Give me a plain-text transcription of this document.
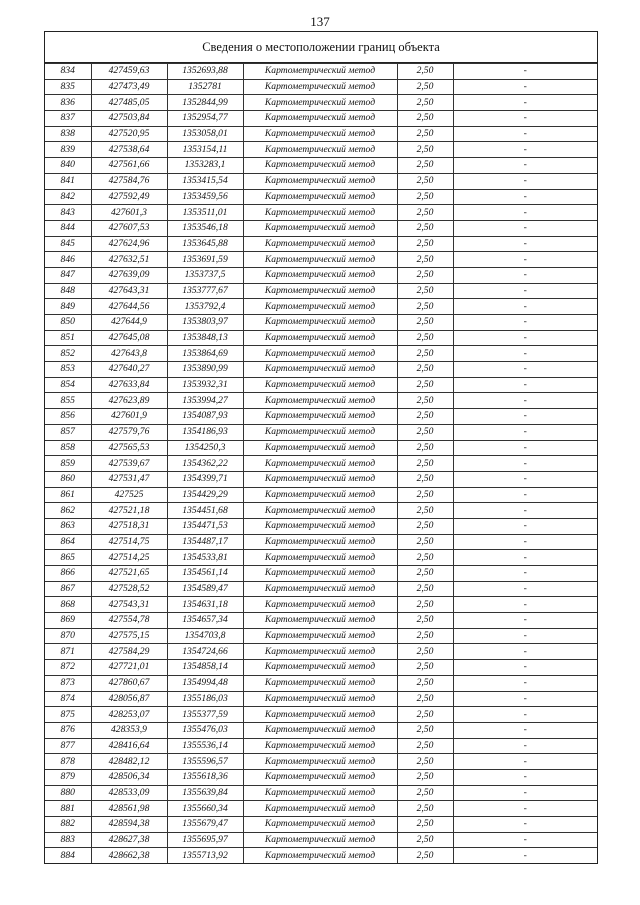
137
Сведения о местоположении границ объекта
834	427459,63	1352693,88	Картометрический метод	2,50	-
835	427473,49	1352781	Картометрический метод	2,50	-
836	427485,05	1352844,99	Картометрический метод	2,50	-
837	427503,84	1352954,77	Картометрический метод	2,50	-
838	427520,95	1353058,01	Картометрический метод	2,50	-
839	427538,64	1353154,11	Картометрический метод	2,50	-
840	427561,66	1353283,1	Картометрический метод	2,50	-
841	427584,76	1353415,54	Картометрический метод	2,50	-
842	427592,49	1353459,56	Картометрический метод	2,50	-
843	427601,3	1353511,01	Картометрический метод	2,50	-
844	427607,53	1353546,18	Картометрический метод	2,50	-
845	427624,96	1353645,88	Картометрический метод	2,50	-
846	427632,51	1353691,59	Картометрический метод	2,50	-
847	427639,09	1353737,5	Картометрический метод	2,50	-
848	427643,31	1353777,67	Картометрический метод	2,50	-
849	427644,56	1353792,4	Картометрический метод	2,50	-
850	427644,9	1353803,97	Картометрический метод	2,50	-
851	427645,08	1353848,13	Картометрический метод	2,50	-
852	427643,8	1353864,69	Картометрический метод	2,50	-
853	427640,27	1353890,99	Картометрический метод	2,50	-
854	427633,84	1353932,31	Картометрический метод	2,50	-
855	427623,89	1353994,27	Картометрический метод	2,50	-
856	427601,9	1354087,93	Картометрический метод	2,50	-
857	427579,76	1354186,93	Картометрический метод	2,50	-
858	427565,53	1354250,3	Картометрический метод	2,50	-
859	427539,67	1354362,22	Картометрический метод	2,50	-
860	427531,47	1354399,71	Картометрический метод	2,50	-
861	427525	1354429,29	Картометрический метод	2,50	-
862	427521,18	1354451,68	Картометрический метод	2,50	-
863	427518,31	1354471,53	Картометрический метод	2,50	-
864	427514,75	1354487,17	Картометрический метод	2,50	-
865	427514,25	1354533,81	Картометрический метод	2,50	-
866	427521,65	1354561,14	Картометрический метод	2,50	-
867	427528,52	1354589,47	Картометрический метод	2,50	-
868	427543,31	1354631,18	Картометрический метод	2,50	-
869	427554,78	1354657,34	Картометрический метод	2,50	-
870	427575,15	1354703,8	Картометрический метод	2,50	-
871	427584,29	1354724,66	Картометрический метод	2,50	-
872	427721,01	1354858,14	Картометрический метод	2,50	-
873	427860,67	1354994,48	Картометрический метод	2,50	-
874	428056,87	1355186,03	Картометрический метод	2,50	-
875	428253,07	1355377,59	Картометрический метод	2,50	-
876	428353,9	1355476,03	Картометрический метод	2,50	-
877	428416,64	1355536,14	Картометрический метод	2,50	-
878	428482,12	1355596,57	Картометрический метод	2,50	-
879	428506,34	1355618,36	Картометрический метод	2,50	-
880	428533,09	1355639,84	Картометрический метод	2,50	-
881	428561,98	1355660,34	Картометрический метод	2,50	-
882	428594,38	1355679,47	Картометрический метод	2,50	-
883	428627,38	1355695,97	Картометрический метод	2,50	-
884	428662,38	1355713,92	Картометрический метод	2,50	-
